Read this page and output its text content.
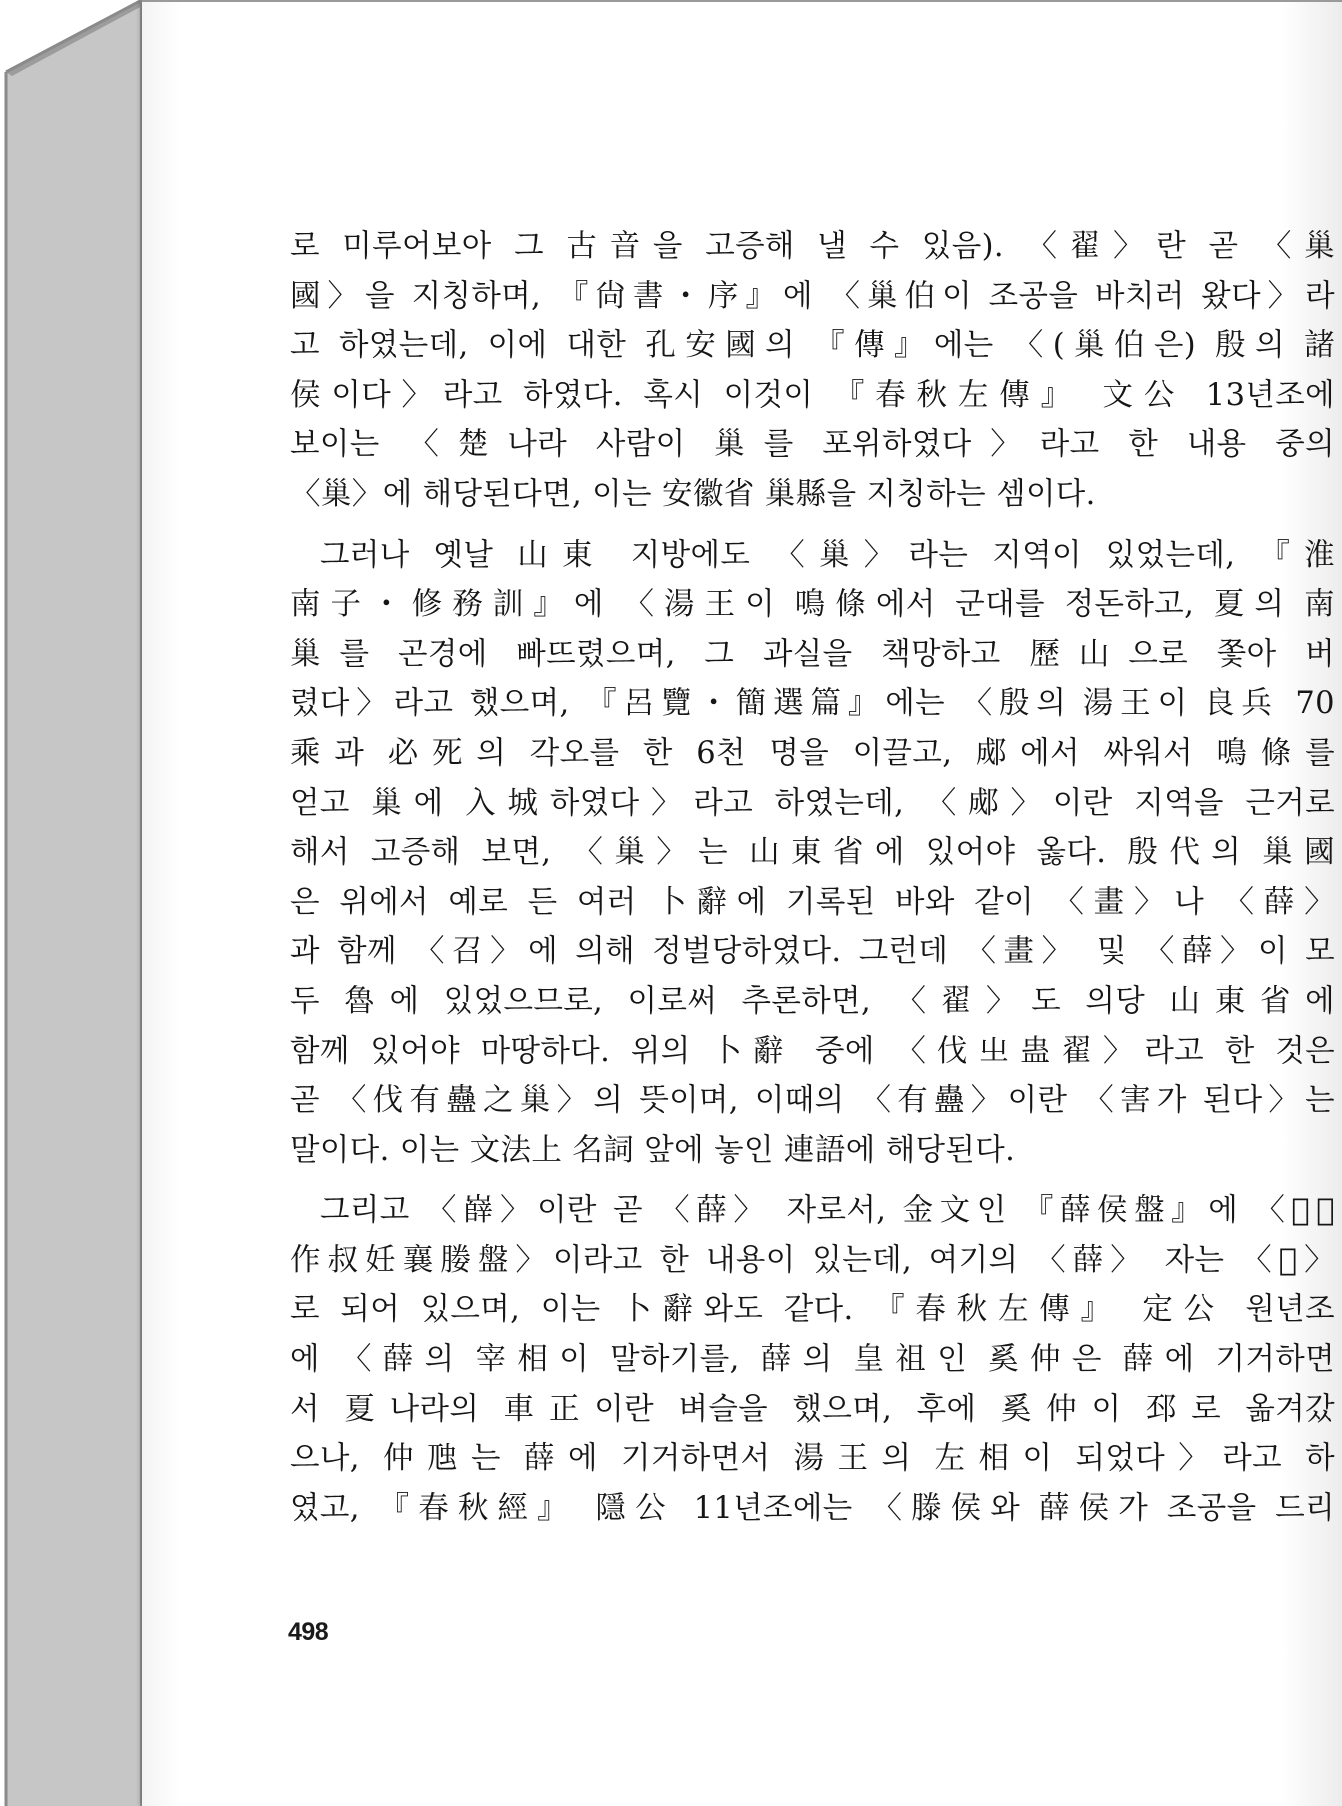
로 미루어보아 그 古音을 고증해 낼 수 있음). 〈翟〉란 곧 〈巢
國〉을 지칭하며, 『尙書・序』에 〈巢伯이 조공을 바치러 왔다〉라
고 하였는데, 이에 대한 孔安國의 『傳』에는 〈(巢伯은) 殷의 諸
侯이다〉라고 하였다. 혹시 이것이 『春秋左傳』 文公 13년조에
보이는 〈楚나라 사람이 巢를 포위하였다〉라고 한 내용 중의
〈巢〉에 해당된다면, 이는 安徽省 巢縣을 지칭하는 셈이다.
그러나 옛날 山東 지방에도 〈巢〉라는 지역이 있었는데, 『淮
南子・修務訓』에 〈湯王이 鳴條에서 군대를 정돈하고, 夏의 南
巢를 곤경에 빠뜨렸으며, 그 과실을 책망하고 歷山으로 쫓아 버
렸다〉라고 했으며, 『呂覽・簡選篇』에는 〈殷의 湯王이 良兵 70
乘과 必死의 각오를 한 6천 명을 이끌고, 郕에서 싸워서 鳴條를
얻고 巢에 入城하였다〉라고 하였는데, 〈郕〉이란 지역을 근거로
해서 고증해 보면, 〈巢〉는 山東省에 있어야 옳다. 殷代의 巢國
은 위에서 예로 든 여러 卜辭에 기록된 바와 같이 〈畫〉나 〈薛〉
과 함께 〈召〉에 의해 정벌당하였다. 그런데 〈畫〉 및 〈薛〉이 모
두 魯에 있었으므로, 이로써 추론하면, 〈翟〉도 의당 山東省에
함께 있어야 마땅하다. 위의 卜辭 중에 〈伐㞢蛊翟〉라고 한 것은
곧 〈伐有蠱之巢〉의 뜻이며, 이때의 〈有蠱〉이란 〈害가 된다〉는
말이다. 이는 文法上 名詞 앞에 놓인 連語에 해당된다.
그리고 〈嶭〉이란 곧 〈薛〉 자로서, 金文인 『薛侯盤』에 〈𦛀侯
作叔妊襄媵盤〉이라고 한 내용이 있는데, 여기의 〈薛〉 자는 〈𦛀〉
로 되어 있으며, 이는 卜辭와도 같다. 『春秋左傳』 定公 원년조
에 〈薛의 宰相이 말하기를, 薛의 皇祖인 奚仲은 薛에 기거하면
서 夏나라의 車正이란 벼슬을 했으며, 후에 奚仲이 邳로 옮겨갔
으나, 仲虺는 薛에 기거하면서 湯王의 左相이 되었다〉라고 하
였고, 『春秋經』 隱公 11년조에는 〈滕侯와 薛侯가 조공을 드리
498
